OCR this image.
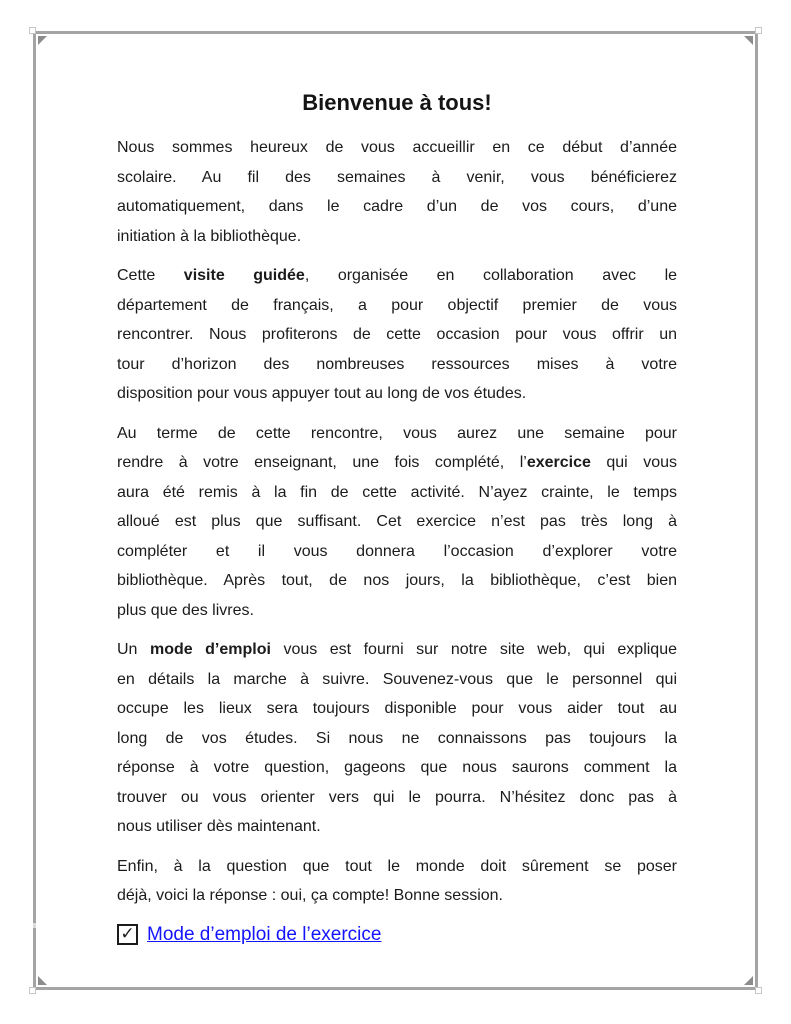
Bienvenue à tous!
Nous sommes heureux de vous accueillir en ce début d’année
scolaire. Au fil des semaines à venir, vous bénéficierez
automatiquement, dans le cadre d’un de vos cours, d’une
initiation à la bibliothèque.
Cette visite guidée, organisée en collaboration avec le
département de français, a pour objectif premier de vous
rencontrer. Nous profiterons de cette occasion pour vous offrir un
tour d’horizon des nombreuses ressources mises à votre
disposition pour vous appuyer tout au long de vos études.
Au terme de cette rencontre, vous aurez une semaine pour
rendre à votre enseignant, une fois complété, l’exercice qui vous
aura été remis à la fin de cette activité. N’ayez crainte, le temps
alloué est plus que suffisant. Cet exercice n’est pas très long à
compléter et il vous donnera l’occasion d’explorer votre
bibliothèque. Après tout, de nos jours, la bibliothèque, c’est bien
plus que des livres.
Un mode d’emploi vous est fourni sur notre site web, qui explique
en détails la marche à suivre. Souvenez-vous que le personnel qui
occupe les lieux sera toujours disponible pour vous aider tout au
long de vos études. Si nous ne connaissons pas toujours la
réponse à votre question, gageons que nous saurons comment la
trouver ou vous orienter vers qui le pourra. N’hésitez donc pas à
nous utiliser dès maintenant.
Enfin, à la question que tout le monde doit sûrement se poser
déjà, voici la réponse : oui, ça compte! Bonne session.
✓ Mode d’emploi de l’exercice
